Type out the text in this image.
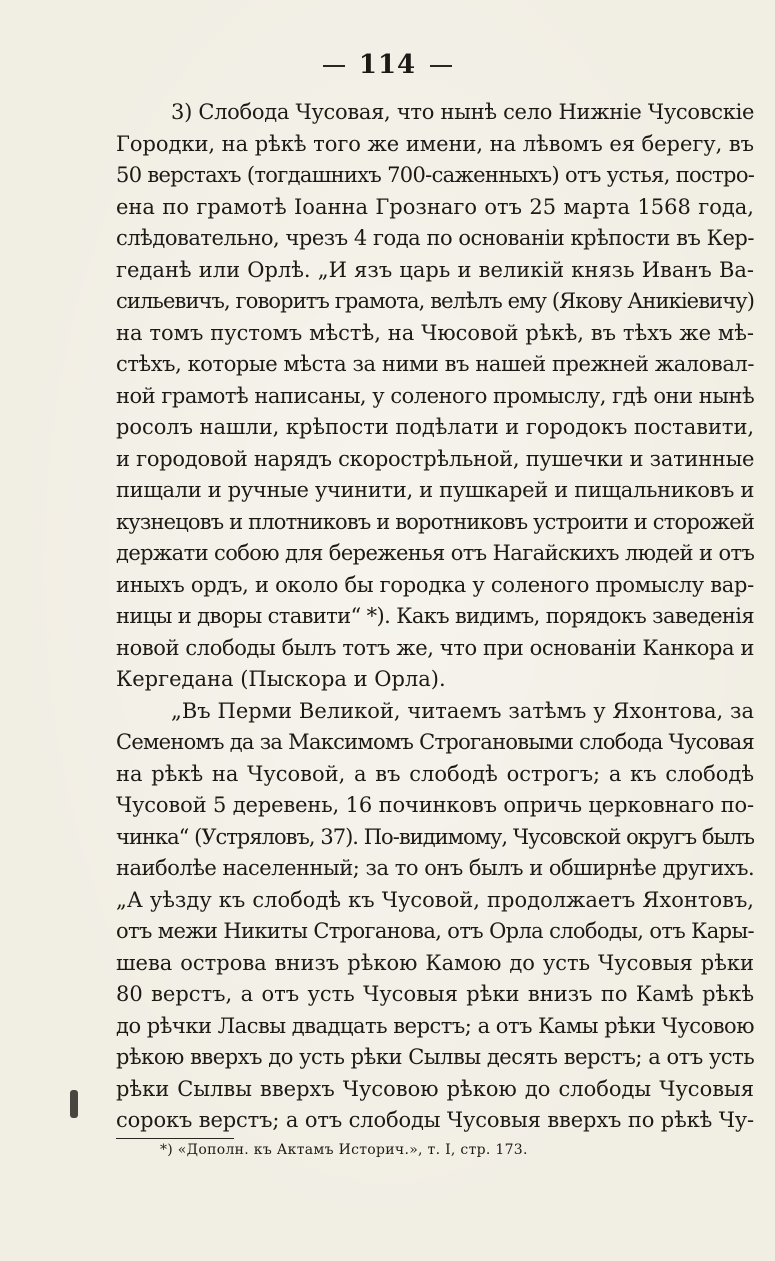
114
3) Слобода Чусовая, что нынѣ село Нижніе Чусовскіе
Городки, на рѣкѣ того же имени, на лѣвомъ ея берегу, въ
50 верстахъ (тогдашнихъ 700-саженныхъ) отъ устья, постро-
ена по грамотѣ Іоанна Грознаго отъ 25 марта 1568 года,
слѣдовательно, чрезъ 4 года по основаніи крѣпости въ Кер-
геданѣ или Орлѣ. „И язъ царь и великій князь Иванъ Ва-
сильевичъ, говоритъ грамота, велѣлъ ему (Якову Аникіевичу)
на томъ пустомъ мѣстѣ, на Чюсовой рѣкѣ, въ тѣхъ же мѣ-
стѣхъ, которые мѣста за ними въ нашей прежней жаловал-
ной грамотѣ написаны, у соленого промыслу, гдѣ они нынѣ
росолъ нашли, крѣпости подѣлати и городокъ поставити,
и городовой нарядъ скорострѣльной, пушечки и затинные
пищали и ручные учинити, и пушкарей и пищальниковъ и
кузнецовъ и плотниковъ и воротниковъ устроити и сторожей
держати собою для береженья отъ Нагайскихъ людей и отъ
иныхъ ордъ, и около бы городка у соленого промыслу вар-
ницы и дворы ставити“ *). Какъ видимъ, порядокъ заведенія
новой слободы былъ тотъ же, что при основаніи Канкора и
Кергедана (Пыскора и Орла).
„Въ Перми Великой, читаемъ затѣмъ у Яхонтова, за
Семеномъ да за Максимомъ Строгановыми слобода Чусовая
на рѣкѣ на Чусовой, а въ слободѣ острогъ; а къ слободѣ
Чусовой 5 деревень, 16 починковъ опричь церковнаго по-
чинка“ (Устряловъ, 37). По-видимому, Чусовской округъ былъ
наиболѣе населенный; за то онъ былъ и обширнѣе другихъ.
„А уѣзду къ слободѣ къ Чусовой, продолжаетъ Яхонтовъ,
отъ межи Никиты Строганова, отъ Орла слободы, отъ Кары-
шева острова внизъ рѣкою Камою до усть Чусовыя рѣки
80 верстъ, а отъ усть Чусовыя рѣки внизъ по Камѣ рѣкѣ
до рѣчки Ласвы двадцать верстъ; а отъ Камы рѣки Чусовою
рѣкою вверхъ до усть рѣки Сылвы десять верстъ; а отъ усть
рѣки Сылвы вверхъ Чусовою рѣкою до слободы Чусовыя
сорокъ верстъ; а отъ слободы Чусовыя вверхъ по рѣкѣ Чу-
*) «Дополн. къ Актамъ Историч.», т. I, стр. 173.
